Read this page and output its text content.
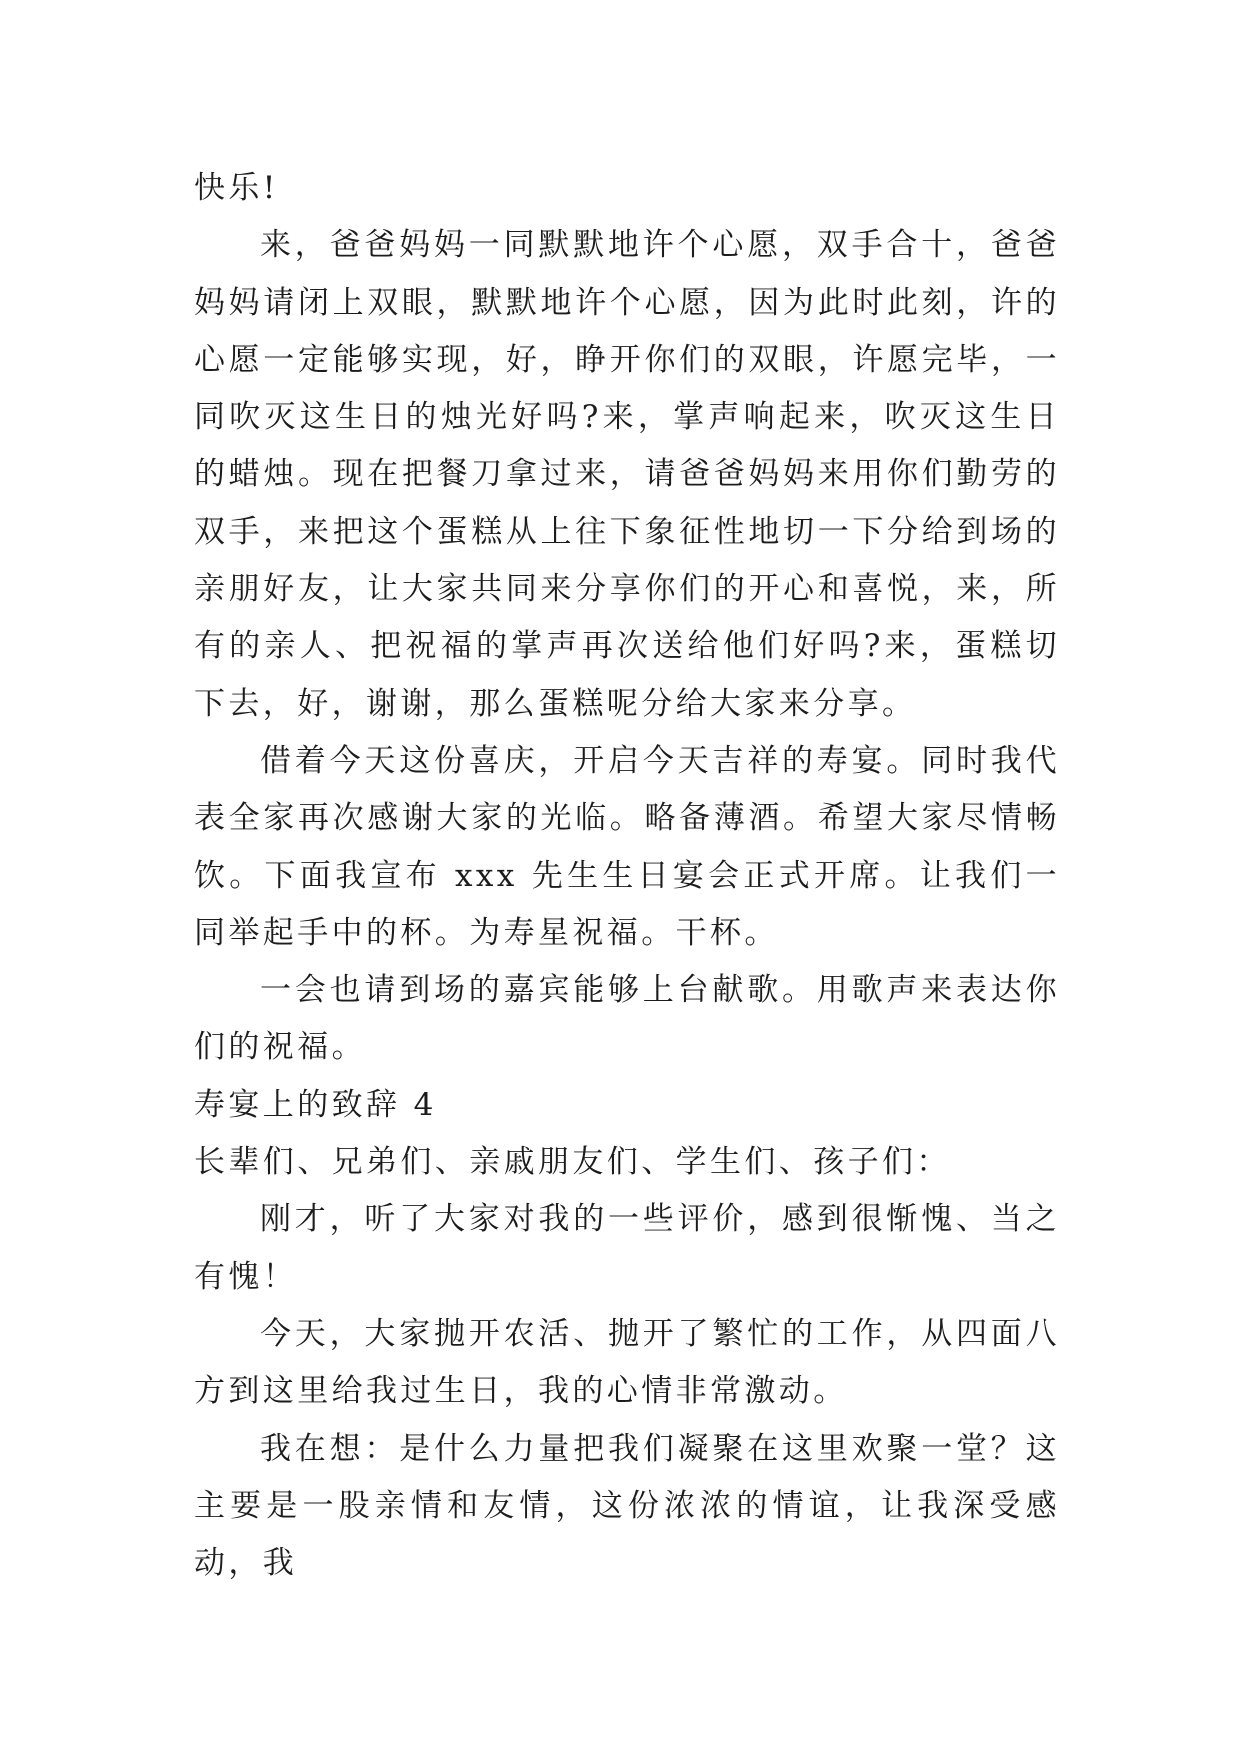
快乐!

来，爸爸妈妈一同默默地许个心愿，双手合十，爸爸妈妈请闭上双眼，默默地许个心愿，因为此时此刻，许的心愿一定能够实现，好，睁开你们的双眼，许愿完毕，一同吹灭这生日的烛光好吗?来，掌声响起来，吹灭这生日的蜡烛。现在把餐刀拿过来，请爸爸妈妈来用你们勤劳的双手，来把这个蛋糕从上往下象征性地切一下分给到场的亲朋好友，让大家共同来分享你们的开心和喜悦，来，所有的亲人、把祝福的掌声再次送给他们好吗?来，蛋糕切下去，好，谢谢，那么蛋糕呢分给大家来分享。

借着今天这份喜庆，开启今天吉祥的寿宴。同时我代表全家再次感谢大家的光临。略备薄酒。希望大家尽情畅饮。下面我宣布 xxx 先生生日宴会正式开席。让我们一同举起手中的杯。为寿星祝福。干杯。

一会也请到场的嘉宾能够上台献歌。用歌声来表达你们的祝福。

寿宴上的致辞 4

长辈们、兄弟们、亲戚朋友们、学生们、孩子们：

刚才，听了大家对我的一些评价，感到很惭愧、当之有愧！

今天，大家抛开农活、抛开了繁忙的工作，从四面八方到这里给我过生日，我的心情非常激动。

我在想：是什么力量把我们凝聚在这里欢聚一堂？这主要是一股亲情和友情，这份浓浓的情谊，让我深受感动，我
